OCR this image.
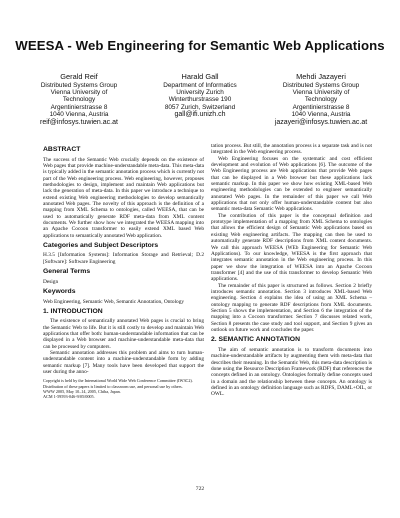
WEESA - Web Engineering for Semantic Web Applications
Gerald Reif
Distributed Systems Group
Vienna University of
Technology
Argentinierstrasse 8
1040 Vienna, Austria
reif@infosys.tuwien.ac.at
Harald Gall
Department of Informatics
University Zurich
Winterthurstrasse 190
8057 Zurich, Switzerland
gall@ifi.unizh.ch
Mehdi Jazayeri
Distributed Systems Group
Vienna University of
Technology
Argentinierstrasse 8
1040 Vienna, Austria
jazayeri@infosys.tuwien.ac.at
ABSTRACT

The success of the Semantic Web crucially depends on the existence of Web pages that provide machine-understandable meta-data. This meta-data is typically added in the semantic annotation process which is currently not part of the Web engineering process. Web engineering, however, proposes methodologies to design, implement and maintain Web applications but lack the generation of meta-data. In this paper we introduce a technique to extend existing Web engineering methodologies to develop semantically annotated Web pages. The novelty of this approach is the definition of a mapping from XML Schema to ontologies, called WEESA, that can be used to automatically generate RDF meta-data from XML content documents. We further show how we integrated the WEESA mapping into an Apache Cocoon transformer to easily extend XML based Web applications to semantically annotated Web application.

Categories and Subject Descriptors

H.3.5 [Information Systems]: Information Storage and Retrieval; D.2 [Software]: Software Engineering

General Terms

Design

Keywords

Web Engineering, Semantic Web, Semantic Annotation, Ontology

1. INTRODUCTION

The existence of semantically annotated Web pages is crucial to bring the Semantic Web to life. But it is still costly to develop and maintain Web applications that offer both: human-understandable information that can be displayed in a Web browser and machine-understandable meta-data that can be processed by computers.

Semantic annotation addresses this problem and aims to turn human-understandable content into a machine-understandable form by adding semantic markup [7]. Many tools have been developed that support the user during the anno-

Copyright is held by the International World Wide Web Conference Committee (IW3C2). Distribution of these papers is limited to classroom use, and personal use by others.
WWW 2005, May 10–14, 2005, Chiba, Japan.
ACM 1-59593-046-9/05/0005.

tation process. But still, the annotation process is a separate task and is not integrated in the Web engineering process.

Web Engineering focuses on the systematic and cost efficient development and evolution of Web applications [6]. The outcome of the Web Engineering process are Web applications that provide Web pages that can be displayed in a Web browser but these applications lack semantic markup. In this paper we show how existing XML-based Web engineering methodologies can be extended to engineer semantically annotated Web pages. In the remainder of this paper we call Web applications that not only offer human-understandable content but also semantic meta-data Semantic Web applications.

The contribution of this paper is the conceptual definition and prototype implementation of a mapping from XML Schema to ontologies that allows the efficient design of Semantic Web applications based on existing Web engineering artifacts. The mapping can then be used to automatically generate RDF descriptions from XML content documents. We call this approach WEESA (WEb Engineering for Semantic Web Applications). To our knowledge, WEESA is the first approach that integrates semantic annotation in the Web engineering process. In this paper we show the integration of WEESA into an Apache Cocoon transformer [4] and the use of this transformer to develop Semantic Web applications.

The remainder of this paper is structured as follows. Section 2 briefly introduces semantic annotation. Section 3 introduces XML-based Web engineering. Section 4 explains the idea of using an XML Schema – ontology mapping to generate RDF descriptions from XML documents. Section 5 shows the implementation, and Section 6 the integration of the mapping into a Cocoon transformer. Section 7 discusses related work, Section 8 presents the case study and tool support, and Section 9 gives an outlook on future work and concludes the paper.

2. SEMANTIC ANNOTATION

The aim of semantic annotation is to transform documents into machine-understandable artifacts by augmenting them with meta-data that describes their meaning. In the Semantic Web, this meta-data description is done using the Resource Description Framework (RDF) that references the concepts defined in an ontology. Ontologies formally define concepts used in a domain and the relationship between these concepts. An ontology is defined in an ontology definition language such as RDFS, DAML+OIL, or OWL.

722
